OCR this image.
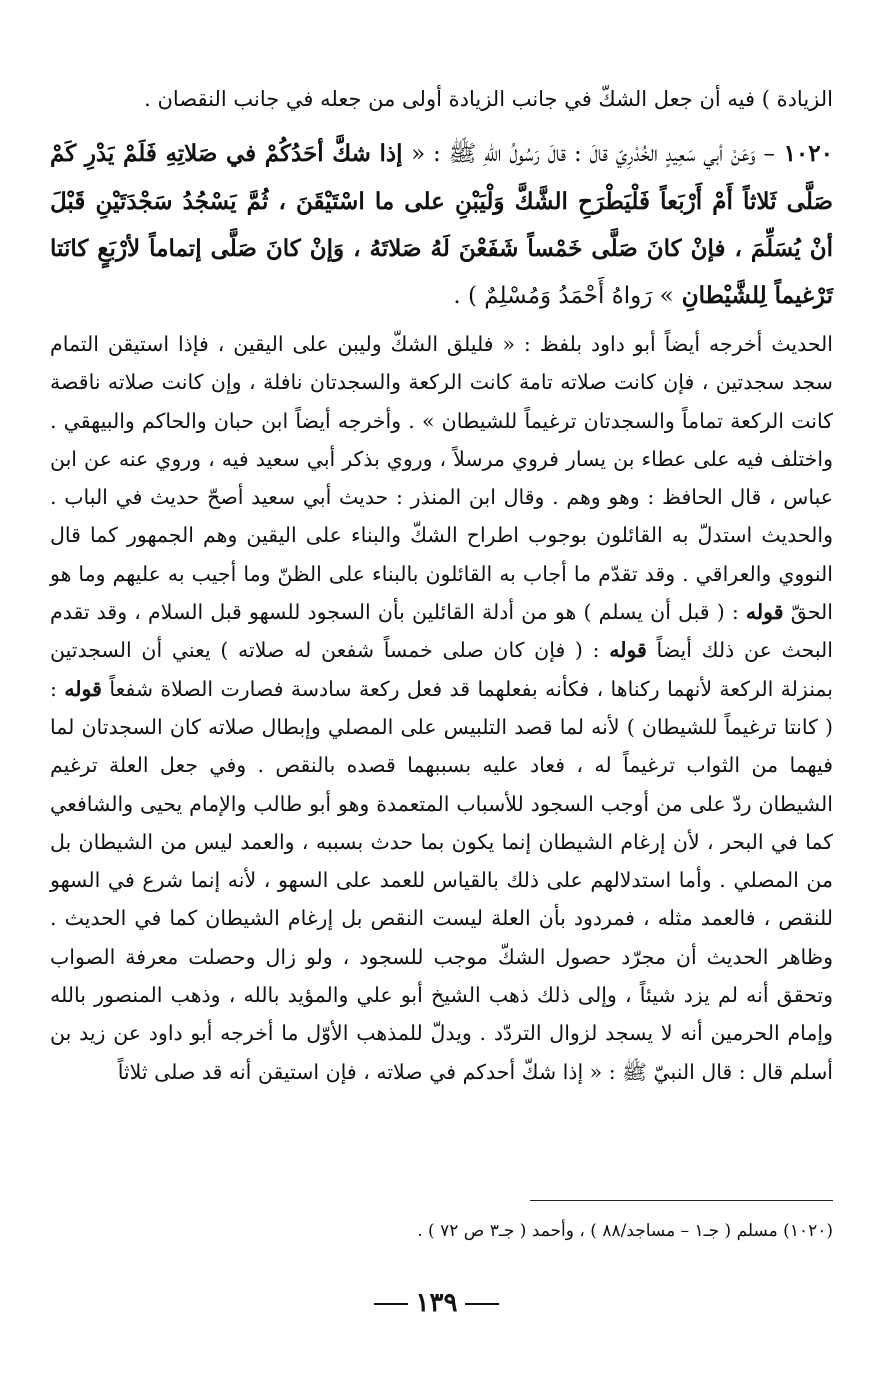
الزيادة ) فيه أن جعل الشكّ في جانب الزيادة أولى من جعله في جانب النقصان .
١٠٢٠ – وَعَنْ أبي سَعِيدٍ الخُدْرِيّ قالَ : قالَ رَسُولُ اللهِ ﷺ : « إذا شكَّ أحَدُكُمْ في صَلاتِهِ فَلَمْ يَدْرِ كَمْ صَلَّى ثَلاثاً أَمْ أَرْبَعاً فَلْيَطْرَحِ الشَّكَّ وَلْيَبْنِ على ما اسْتَيْقَنَ ، ثُمَّ يَسْجُدُ سَجْدَتَيْنِ قَبْلَ أنْ يُسَلِّمَ ، فإنْ كانَ صَلَّى خَمْساً شَفَعْنَ لَهُ صَلاتَهُ ، وَإنْ كانَ صَلَّى إتماماً لأرْبَعٍ كانَتا تَرْغيماً لِلشَّيْطانِ » رَواهُ أَحْمَدُ وَمُسْلِمٌ ) .
الحديث أخرجه أيضاً أبو داود بلفظ : « فليلق الشكّ وليبن على اليقين ، فإذا استيقن التمام سجد سجدتين ، فإن كانت صلاته تامة كانت الركعة والسجدتان نافلة ، وإن كانت صلاته ناقصة كانت الركعة تماماً والسجدتان ترغيماً للشيطان » . وأخرجه أيضاً ابن حبان والحاكم والبيهقي . واختلف فيه على عطاء بن يسار فروي مرسلاً ، وروي بذكر أبي سعيد فيه ، وروي عنه عن ابن عباس ، قال الحافظ : وهو وهم . وقال ابن المنذر : حديث أبي سعيد أصحّ حديث في الباب . والحديث استدلّ به القائلون بوجوب اطراح الشكّ والبناء على اليقين وهم الجمهور كما قال النووي والعراقي . وقد تقدّم ما أجاب به القائلون بالبناء على الظنّ وما أجيب به عليهم وما هو الحقّ قوله : ( قبل أن يسلم ) هو من أدلة القائلين بأن السجود للسهو قبل السلام ، وقد تقدم البحث عن ذلك أيضاً قوله : ( فإن كان صلى خمساً شفعن له صلاته ) يعني أن السجدتين بمنزلة الركعة لأنهما ركناها ، فكأنه بفعلهما قد فعل ركعة سادسة فصارت الصلاة شفعاً قوله : ( كانتا ترغيماً للشيطان ) لأنه لما قصد التلبيس على المصلي وإبطال صلاته كان السجدتان لما فيهما من الثواب ترغيماً له ، فعاد عليه بسببهما قصده بالنقص . وفي جعل العلة ترغيم الشيطان ردّ على من أوجب السجود للأسباب المتعمدة وهو أبو طالب والإمام يحيى والشافعي كما في البحر ، لأن إرغام الشيطان إنما يكون بما حدث بسببه ، والعمد ليس من الشيطان بل من المصلي . وأما استدلالهم على ذلك بالقياس للعمد على السهو ، لأنه إنما شرع في السهو للنقص ، فالعمد مثله ، فمردود بأن العلة ليست النقص بل إرغام الشيطان كما في الحديث . وظاهر الحديث أن مجرّد حصول الشكّ موجب للسجود ، ولو زال وحصلت معرفة الصواب وتحقق أنه لم يزد شيئاً ، وإلى ذلك ذهب الشيخ أبو علي والمؤيد بالله ، وذهب المنصور بالله وإمام الحرمين أنه لا يسجد لزوال التردّد . ويدلّ للمذهب الأوّل ما أخرجه أبو داود عن زيد بن أسلم قال : قال النبيّ ﷺ : « إذا شكّ أحدكم في صلاته ، فإن استيقن أنه قد صلى ثلاثاً
(١٠٢٠) مسلم ( جـ١ – مساجد/٨٨ ) ، وأحمد ( جـ٣ ص ٧٢ ) .
١٣٩
